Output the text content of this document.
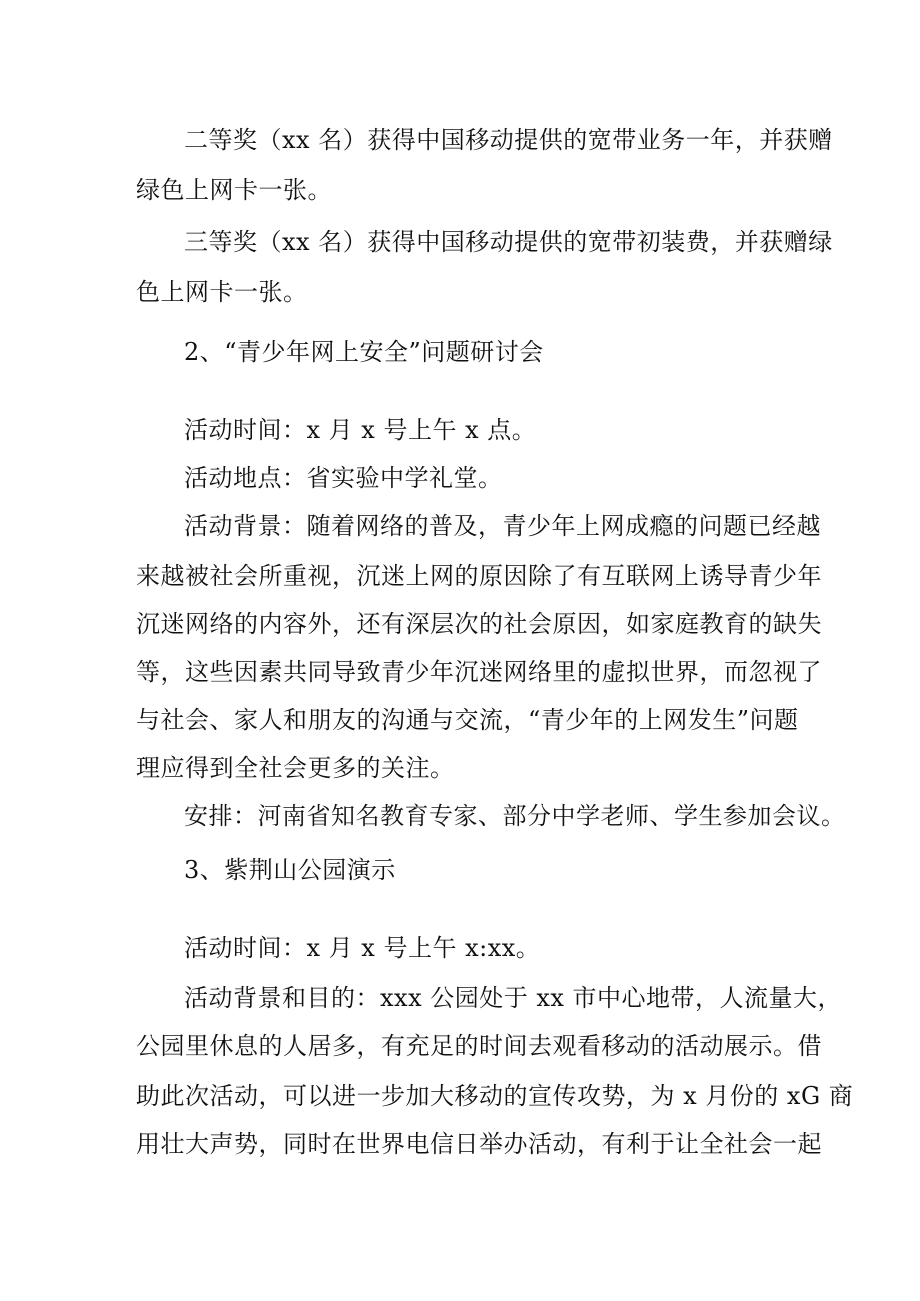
二等奖（xx 名）获得中国移动提供的宽带业务一年，并获赠
绿色上网卡一张。
三等奖（xx 名）获得中国移动提供的宽带初装费，并获赠绿
色上网卡一张。
2、“青少年网上安全”问题研讨会
活动时间：x 月 x 号上午 x 点。
活动地点：省实验中学礼堂。
活动背景：随着网络的普及，青少年上网成瘾的问题已经越
来越被社会所重视，沉迷上网的原因除了有互联网上诱导青少年
沉迷网络的内容外，还有深层次的社会原因，如家庭教育的缺失
等，这些因素共同导致青少年沉迷网络里的虚拟世界，而忽视了
与社会、家人和朋友的沟通与交流，“青少年的上网发生”问题
理应得到全社会更多的关注。
安排：河南省知名教育专家、部分中学老师、学生参加会议。
3、紫荆山公园演示
活动时间：x 月 x 号上午 x:xx。
活动背景和目的：xxx 公园处于 xx 市中心地带，人流量大，
公园里休息的人居多，有充足的时间去观看移动的活动展示。借
助此次活动，可以进一步加大移动的宣传攻势，为 x 月份的 xG 商
用壮大声势，同时在世界电信日举办活动，有利于让全社会一起
